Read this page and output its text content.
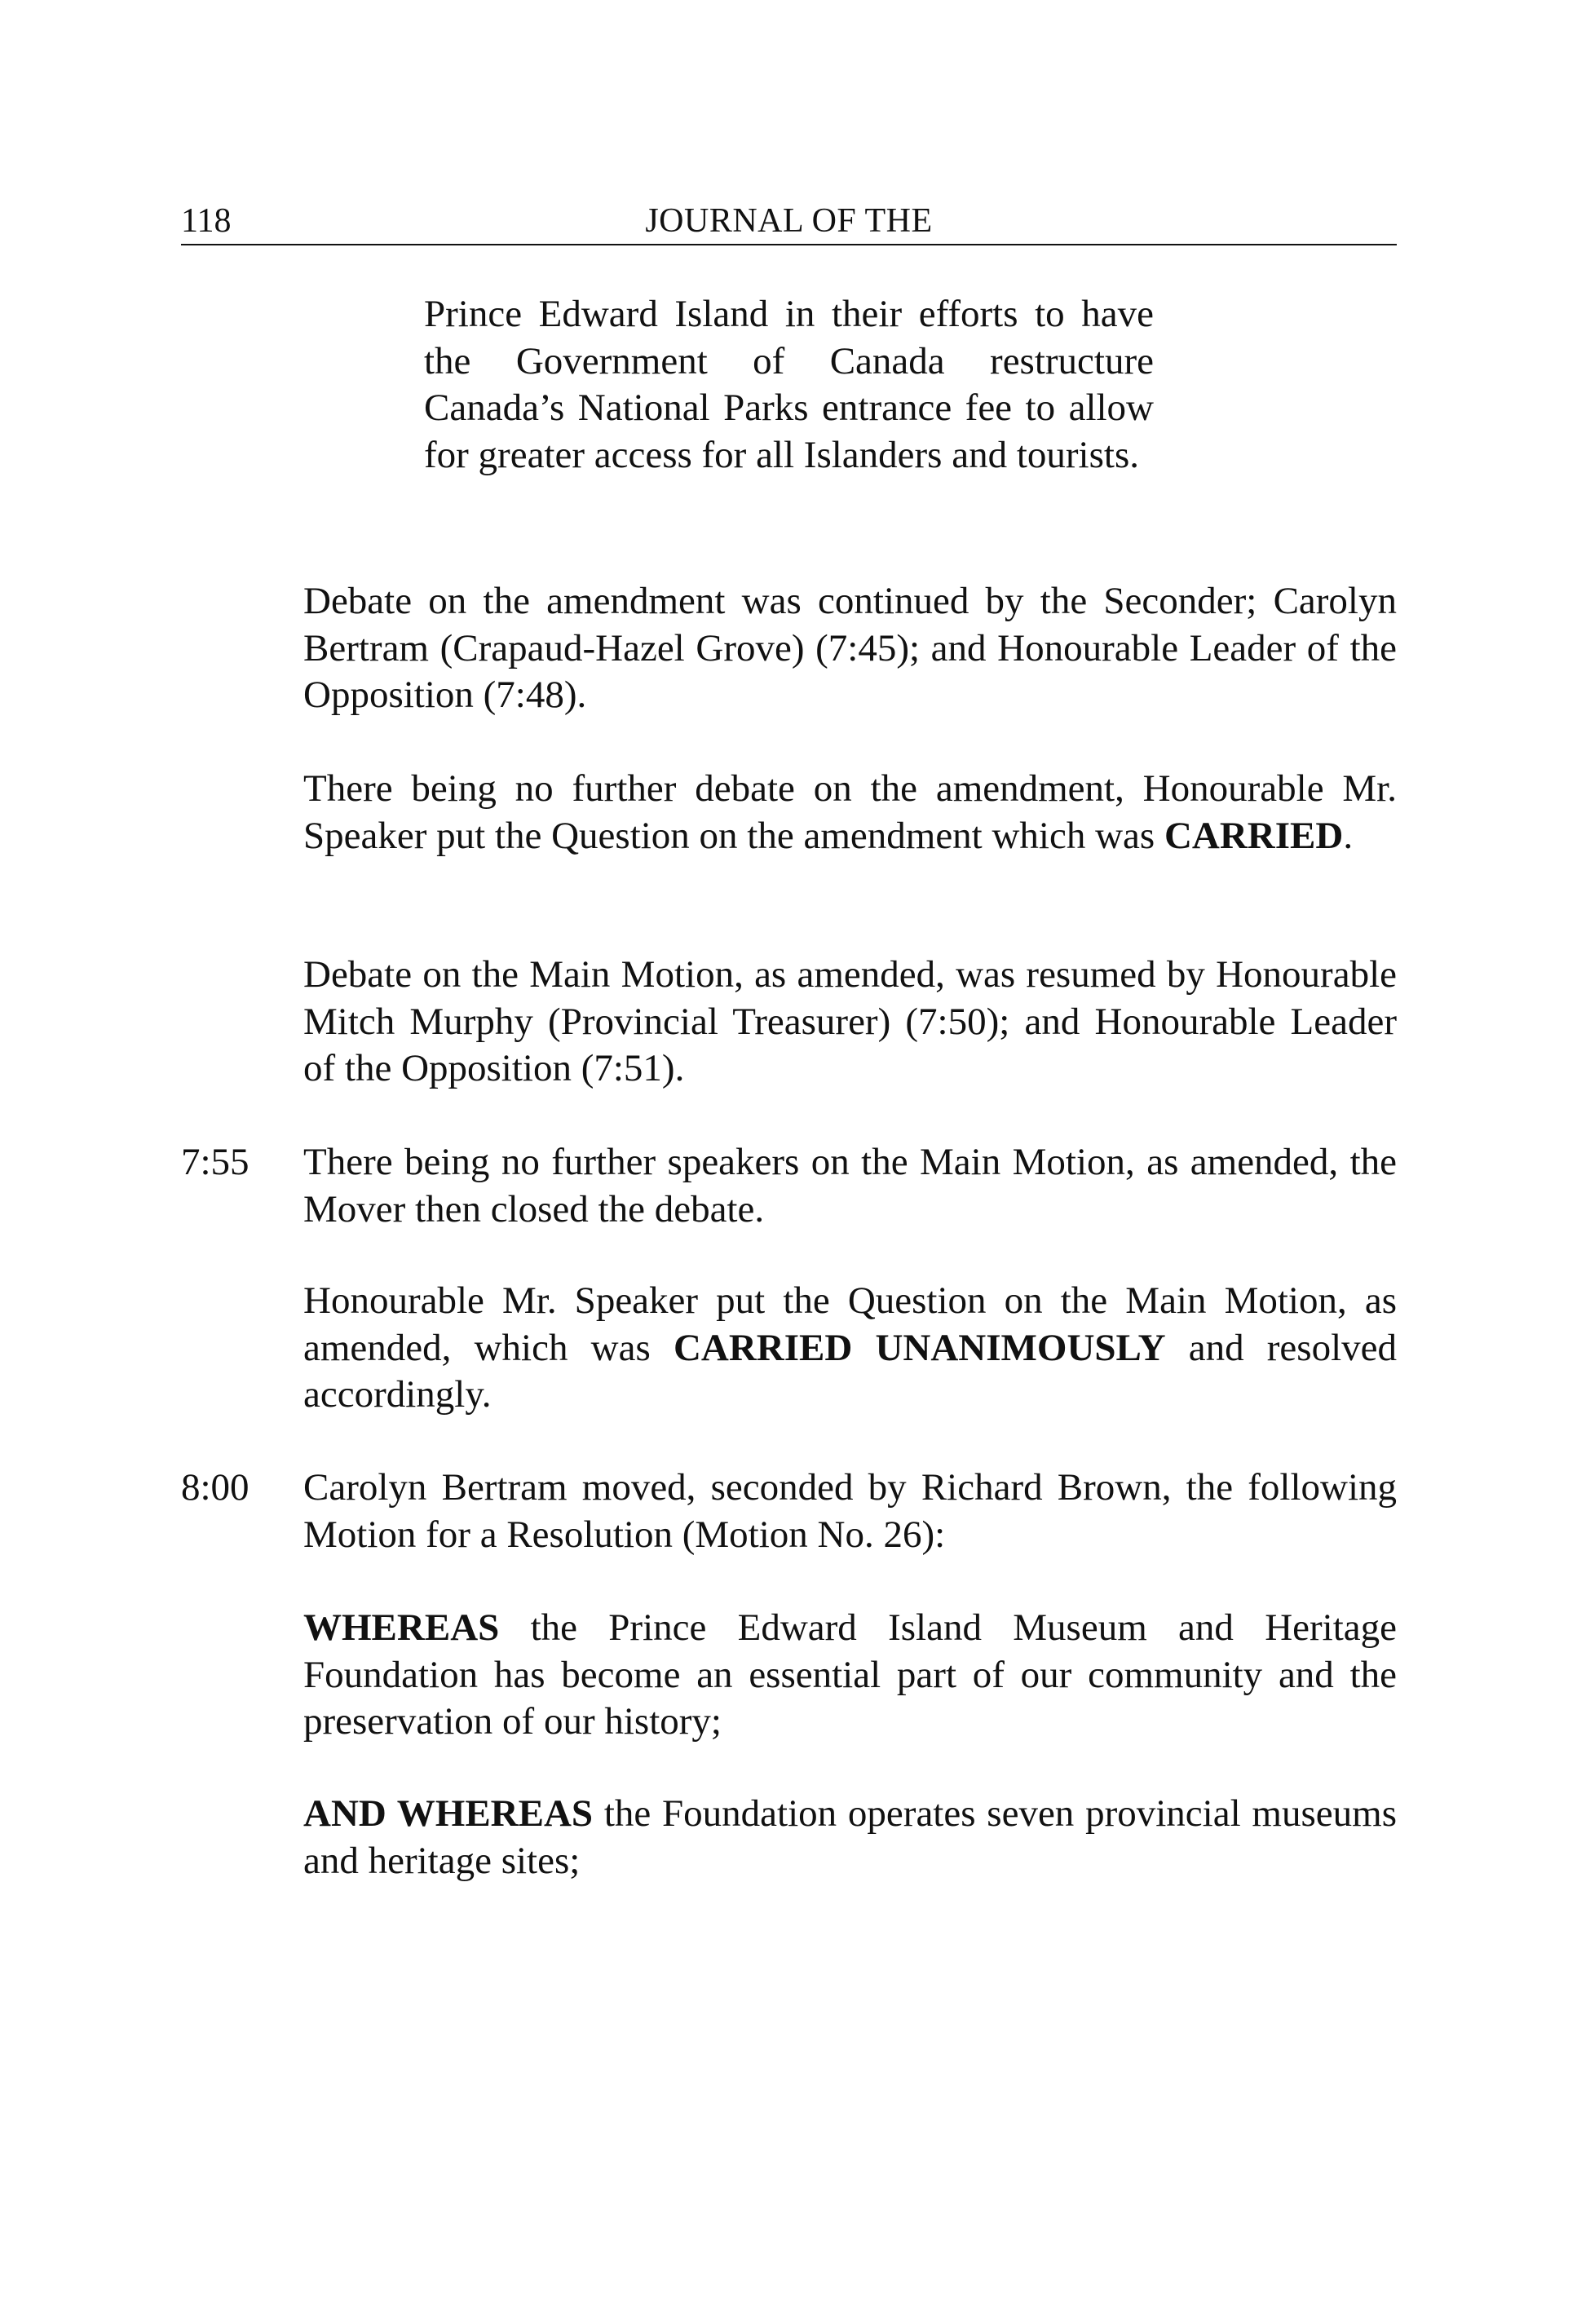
118	JOURNAL OF THE

Prince Edward Island in their efforts to have the Government of Canada restructure Canada’s National Parks entrance fee to allow for greater access for all Islanders and tourists.

Debate on the amendment was continued by the Seconder; Carolyn Bertram (Crapaud-Hazel Grove) (7:45); and Honourable Leader of the Opposition (7:48).

There being no further debate on the amendment, Honourable Mr. Speaker put the Question on the amendment which was CARRIED.

Debate on the Main Motion, as amended, was resumed by Honourable Mitch Murphy (Provincial Treasurer) (7:50); and Honourable Leader of the Opposition (7:51).

7:55 There being no further speakers on the Main Motion, as amended, the Mover then closed the debate.

Honourable Mr. Speaker put the Question on the Main Motion, as amended, which was CARRIED UNANIMOUSLY and resolved accordingly.

8:00 Carolyn Bertram moved, seconded by Richard Brown, the following Motion for a Resolution (Motion No. 26):

WHEREAS the Prince Edward Island Museum and Heritage Foundation has become an essential part of our community and the preservation of our history;

AND WHEREAS the Foundation operates seven provincial museums and heritage sites;
